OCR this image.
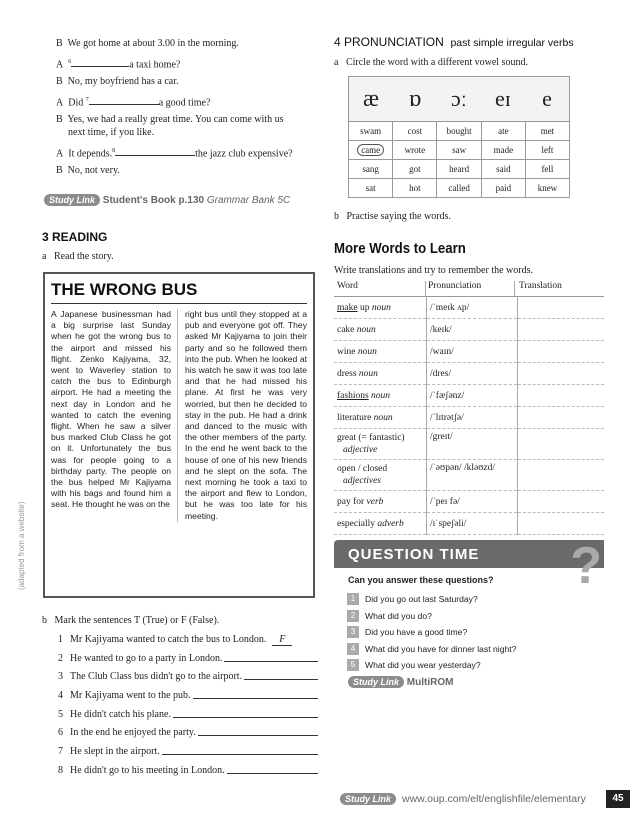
B We got home at about 3.00 in the morning.
A $^6$	a taxi home?
B No, my boyfriend has a car.
A Did $^7$	a good time?
B Yes, we had a really great time. You can come with us
next time, if you like.
A It depends.$^8$	the jazz club expensive?
B No, not very.
Study Link Student's Book p.130 Grammar Bank 5C
3 READING
a Read the story.
THE WRONG BUS
A Japanese businessman had a big surprise last Sunday when he got the wrong bus to the airport and missed his flight. Zenko Kajiyama, 32, went to Waverley station to catch the bus to Edinburgh airport. He had a meeting the next day in London and he wanted to catch the evening flight. When he saw a silver bus marked Club Class he got on it. Unfortunately the bus was for people going to a birthday party. The people on the bus helped Mr Kajiyama with his bags and found him a seat. He thought he was on the
right bus until they stopped at a pub and everyone got off. They asked Mr Kajiyama to join their party and so he followed them into the pub. When he looked at his watch he saw it was too late and that he had missed his plane. At first he was very worried, but then he decided to stay in the pub. He had a drink and danced to the music with the other members of the party. In the end he went back to the house of one of his new friends and he slept on the sofa. The next morning he took a taxi to the airport and flew to London, but he was too late for his meeting.
(adapted from a website)
b Mark the sentences T (True) or F (False).
1 Mr Kajiyama wanted to catch the bus to London.	F
2 He wanted to go to a party in London.
3 The Club Class bus didn't go to the airport.
4 Mr Kajiyama went to the pub.
5 He didn't catch his plane.
6 In the end he enjoyed the party.
7 He slept in the airport.
8 He didn't go to his meeting in London.
4 PRONUNCIATION past simple irregular verbs
a Circle the word with a different vowel sound.
æ	ɒ	ɔː	eɪ	e
swam	cost	bought	ate	met
came	wrote	saw	made	left
sang	got	heard	said	fell
sat	hot	called	paid	knew
b Practise saying the words.
More Words to Learn
Write translations and try to remember the words.
Word	Pronunciation	Translation
make up noun	/ˈmeɪk ʌp/	
cake noun	/keɪk/	
wine noun	/waɪn/	
dress noun	/dres/	
fashions noun	/ˈfæʃənz/	
literature noun	/ˈlɪtrətʃə/	
great (= fantastic)
adjective	/greɪt/	
open / closed
adjectives	/ˈəʊpən/ /kləʊzd/	
pay for verb	/ˈpeɪ fə/	
especially adverb	/ɪˈspeʃəli/	
QUESTION TIME ?
Can you answer these questions?
1	Did you go out last Saturday?
2	What did you do?
3	Did you have a good time?
4	What did you have for dinner last night?
5	What did you wear yesterday?
Study Link MultiROM
Study Link	www.oup.com/elt/englishfile/elementary	45
